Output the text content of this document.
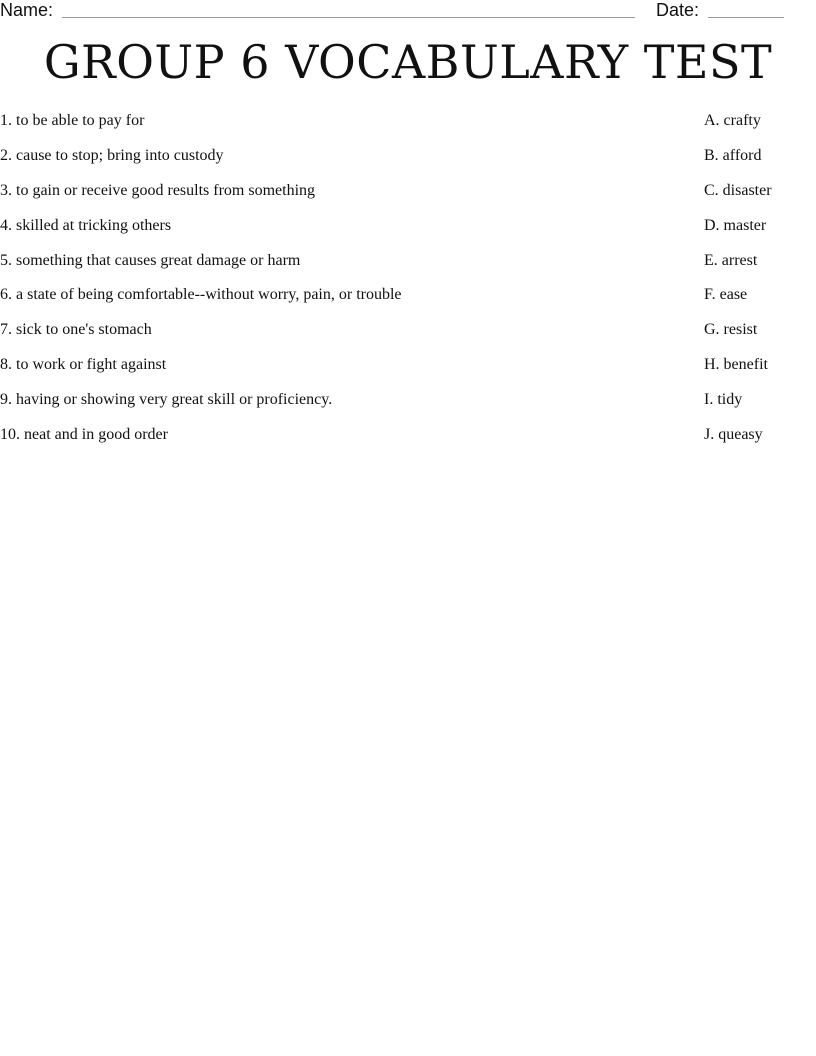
Name:	Date:
GROUP 6 VOCABULARY TEST
1. to be able to pay for	A. crafty
2. cause to stop; bring into custody	B. afford
3. to gain or receive good results from something	C. disaster
4. skilled at tricking others	D. master
5. something that causes great damage or harm	E. arrest
6. a state of being comfortable--without worry, pain, or trouble	F. ease
7. sick to one's stomach	G. resist
8. to work or fight against	H. benefit
9. having or showing very great skill or proficiency.	I. tidy
10. neat and in good order	J. queasy
